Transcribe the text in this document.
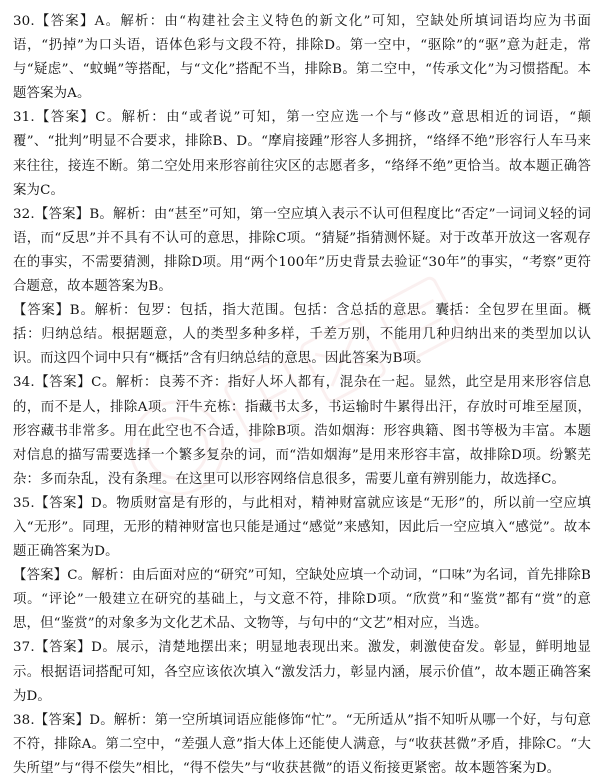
30.【答案】A。解析：由“构建社会主义特色的新文化”可知，空缺处所填词语均应为书面语，“扔掉”为口头语，语体色彩与文段不符，排除D。第一空中，“驱除”的“驱”意为赶走，常与“疑虑”、“蚊蝇”等搭配，与“文化”搭配不当，排除B。第二空中，“传承文化”为习惯搭配。本题答案为A。

31.【答案】C。解析：由“或者说”可知，第一空应选一个与“修改”意思相近的词语，“颠覆”、“批判”明显不合要求，排除B、D。“摩肩接踵”形容人多拥挤，“络绎不绝”形容行人车马来来往往，接连不断。第二空处用来形容前往灾区的志愿者多，“络绎不绝”更恰当。故本题正确答案为C。

32.【答案】B。解析：由“甚至”可知，第一空应填入表示不认可但程度比“否定”一词词义轻的词语，而“反思”并不具有不认可的意思，排除C项。“猜疑”指猜测怀疑。对于改革开放这一客观存在的事实，不需要猜测，排除D项。用“两个100年”历史背景去验证“30年”的事实，“考察”更符合题意，故本题答案为B。

【答案】B。解析：包罗：包括，指大范围。包括：含总括的意思。囊括：全包罗在里面。概括：归纳总结。根据题意，人的类型多种多样，千差万别，不能用几种归纳出来的类型加以认识。而这四个词中只有“概括”含有归纳总结的意思。因此答案为B项。

34.【答案】C。解析：良莠不齐：指好人坏人都有，混杂在一起。显然，此空是用来形容信息的，而不是人，排除A项。汗牛充栋：指藏书太多，书运输时牛累得出汗，存放时可堆至屋顶，形容藏书非常多。用在此空也不合适，排除B项。浩如烟海：形容典籍、图书等极为丰富。本题对信息的描写需要选择一个繁多复杂的词，而“浩如烟海”是用来形容丰富，故排除D项。纷繁芜杂：多而杂乱，没有条理。在这里可以形容网络信息很多，需要儿童有辨别能力，故选择C。

35.【答案】D。物质财富是有形的，与此相对，精神财富就应该是“无形”的，所以前一空应填入“无形”。同理，无形的精神财富也只能是通过“感觉”来感知，因此后一空应填入“感觉”。故本题正确答案为D。

【答案】C。解析：由后面对应的“研究”可知，空缺处应填一个动词，“口味”为名词，首先排除B项。“评论”一般建立在研究的基础上，与文意不符，排除D项。“欣赏”和“鉴赏”都有“赏”的意思，但“鉴赏”的对象多为文化艺术品、文物等，与句中的“文艺”相对应，当选。

37.【答案】D。展示，清楚地摆出来；明显地表现出来。激发，刺激使奋发。彰显，鲜明地显示。根据语词搭配可知，各空应该依次填入“激发活力，彰显内涵，展示价值”，故本题正确答案为D。

38.【答案】D。解析：第一空所填词语应能修饰“忙”。“无所适从”指不知听从哪一个好，与句意不符，排除A。第二空中，“差强人意”指大体上还能使人满意，与“收获甚微”矛盾，排除C。“大失所望”与“得不偿失”相比，“得不偿失”与“收获甚微”的语义衔接更紧密。故本题答案为D。
